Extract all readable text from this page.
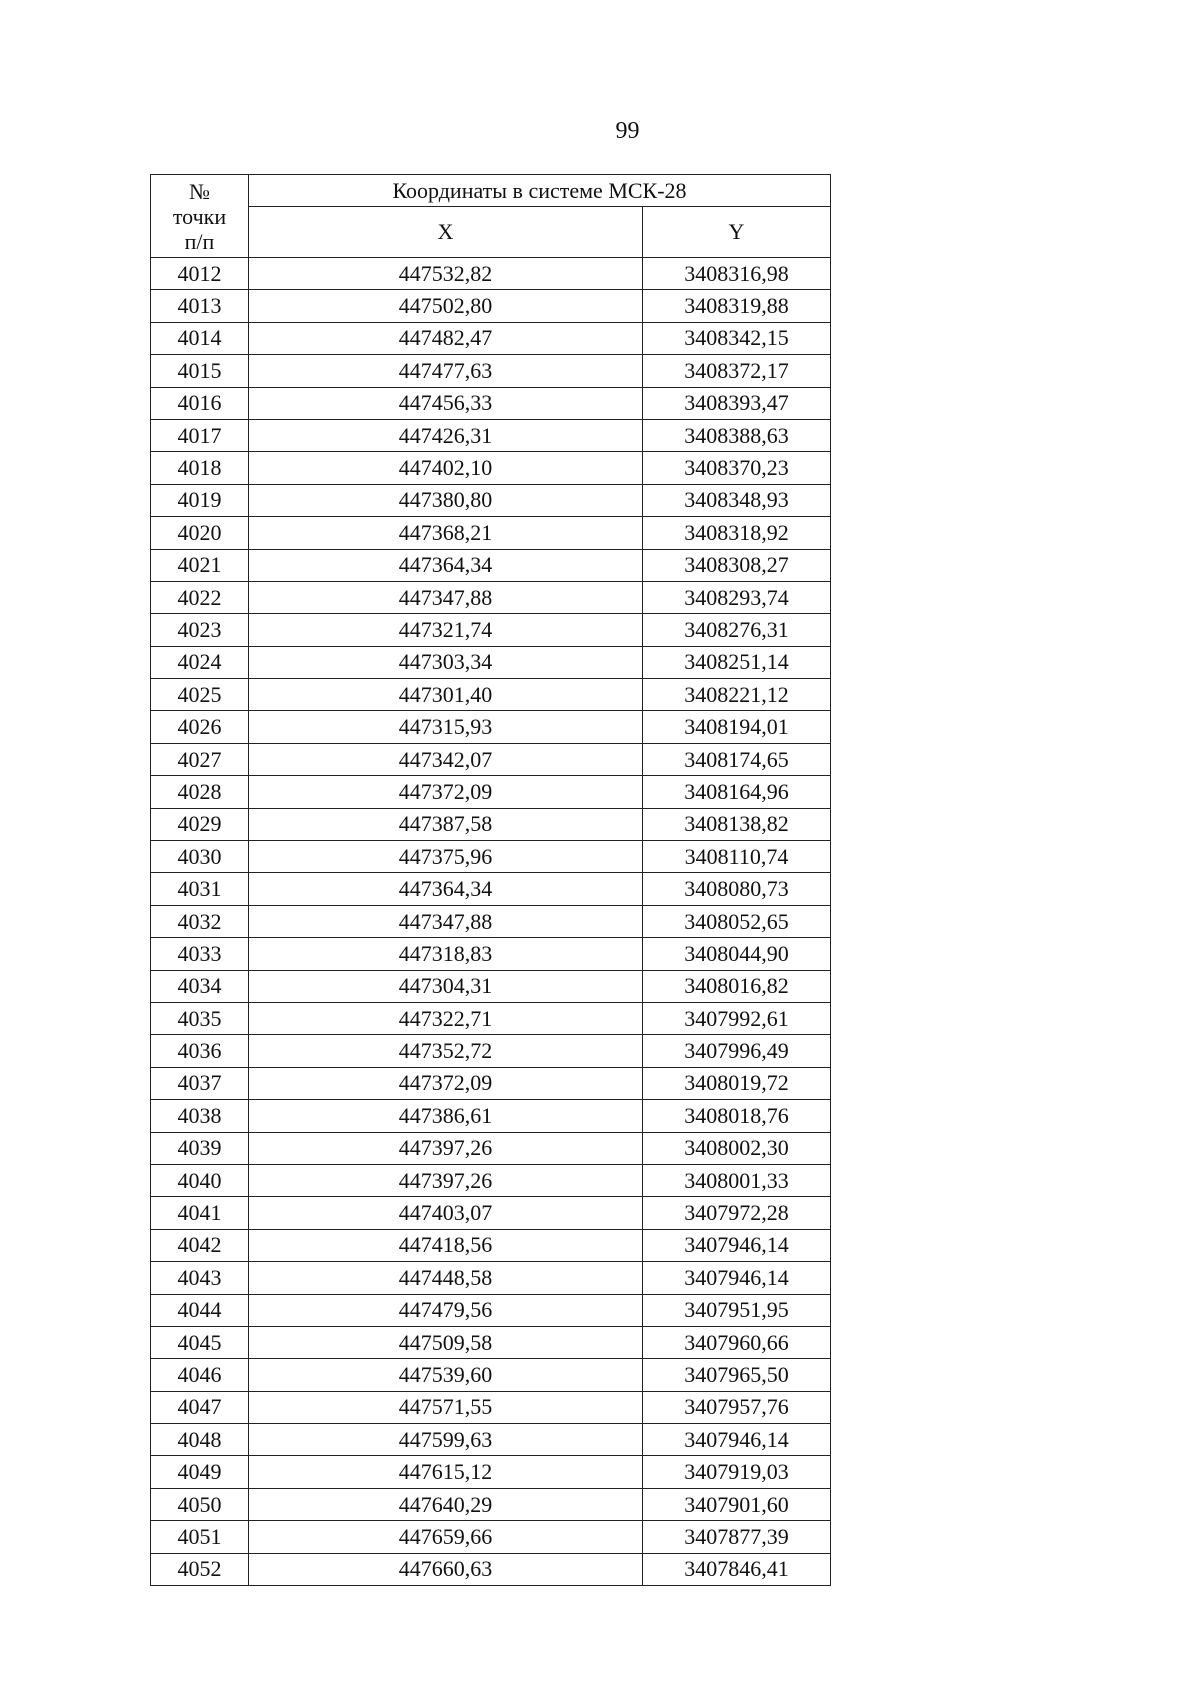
99
№
точки
п/п	Координаты в системе МСК-28	
	X	Y
4012	447532,82	3408316,98
4013	447502,80	3408319,88
4014	447482,47	3408342,15
4015	447477,63	3408372,17
4016	447456,33	3408393,47
4017	447426,31	3408388,63
4018	447402,10	3408370,23
4019	447380,80	3408348,93
4020	447368,21	3408318,92
4021	447364,34	3408308,27
4022	447347,88	3408293,74
4023	447321,74	3408276,31
4024	447303,34	3408251,14
4025	447301,40	3408221,12
4026	447315,93	3408194,01
4027	447342,07	3408174,65
4028	447372,09	3408164,96
4029	447387,58	3408138,82
4030	447375,96	3408110,74
4031	447364,34	3408080,73
4032	447347,88	3408052,65
4033	447318,83	3408044,90
4034	447304,31	3408016,82
4035	447322,71	3407992,61
4036	447352,72	3407996,49
4037	447372,09	3408019,72
4038	447386,61	3408018,76
4039	447397,26	3408002,30
4040	447397,26	3408001,33
4041	447403,07	3407972,28
4042	447418,56	3407946,14
4043	447448,58	3407946,14
4044	447479,56	3407951,95
4045	447509,58	3407960,66
4046	447539,60	3407965,50
4047	447571,55	3407957,76
4048	447599,63	3407946,14
4049	447615,12	3407919,03
4050	447640,29	3407901,60
4051	447659,66	3407877,39
4052	447660,63	3407846,41
